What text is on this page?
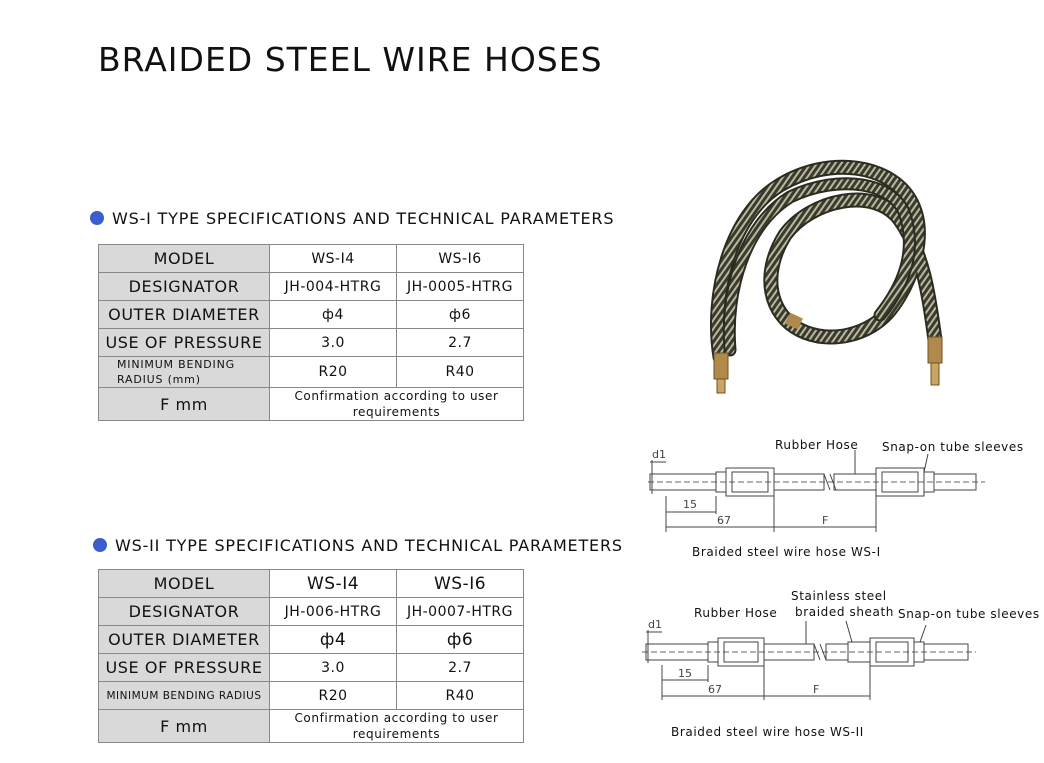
BRAIDED STEEL WIRE HOSES
WS-I TYPE SPECIFICATIONS AND TECHNICAL PARAMETERS
MODEL	WS-I4	WS-I6
DESIGNATOR	JH-004-HTRG	JH-0005-HTRG
OUTER DIAMETER	ф4	ф6
USE OF PRESSURE	3.0	2.7
MINIMUM BENDING RADIUS (mm)	R20	R40
F mm	Confirmation according to user requirements	
WS-II TYPE SPECIFICATIONS AND TECHNICAL PARAMETERS
MODEL	WS-I4	WS-I6
DESIGNATOR	JH-006-HTRG	JH-0007-HTRG
OUTER DIAMETER	ф4	ф6
USE OF PRESSURE	3.0	2.7
MINIMUM BENDING RADIUS	R20	R40
F mm	Confirmation according to user requirements	
d1
15
67	F
Rubber Hose Snap-on tube sleeves
Braided steel wire hose WS-I
d1
15
67	F
Stainless steel
braided sheath
Rubber Hose	Snap-on tube sleeves
Braided steel wire hose WS-II
